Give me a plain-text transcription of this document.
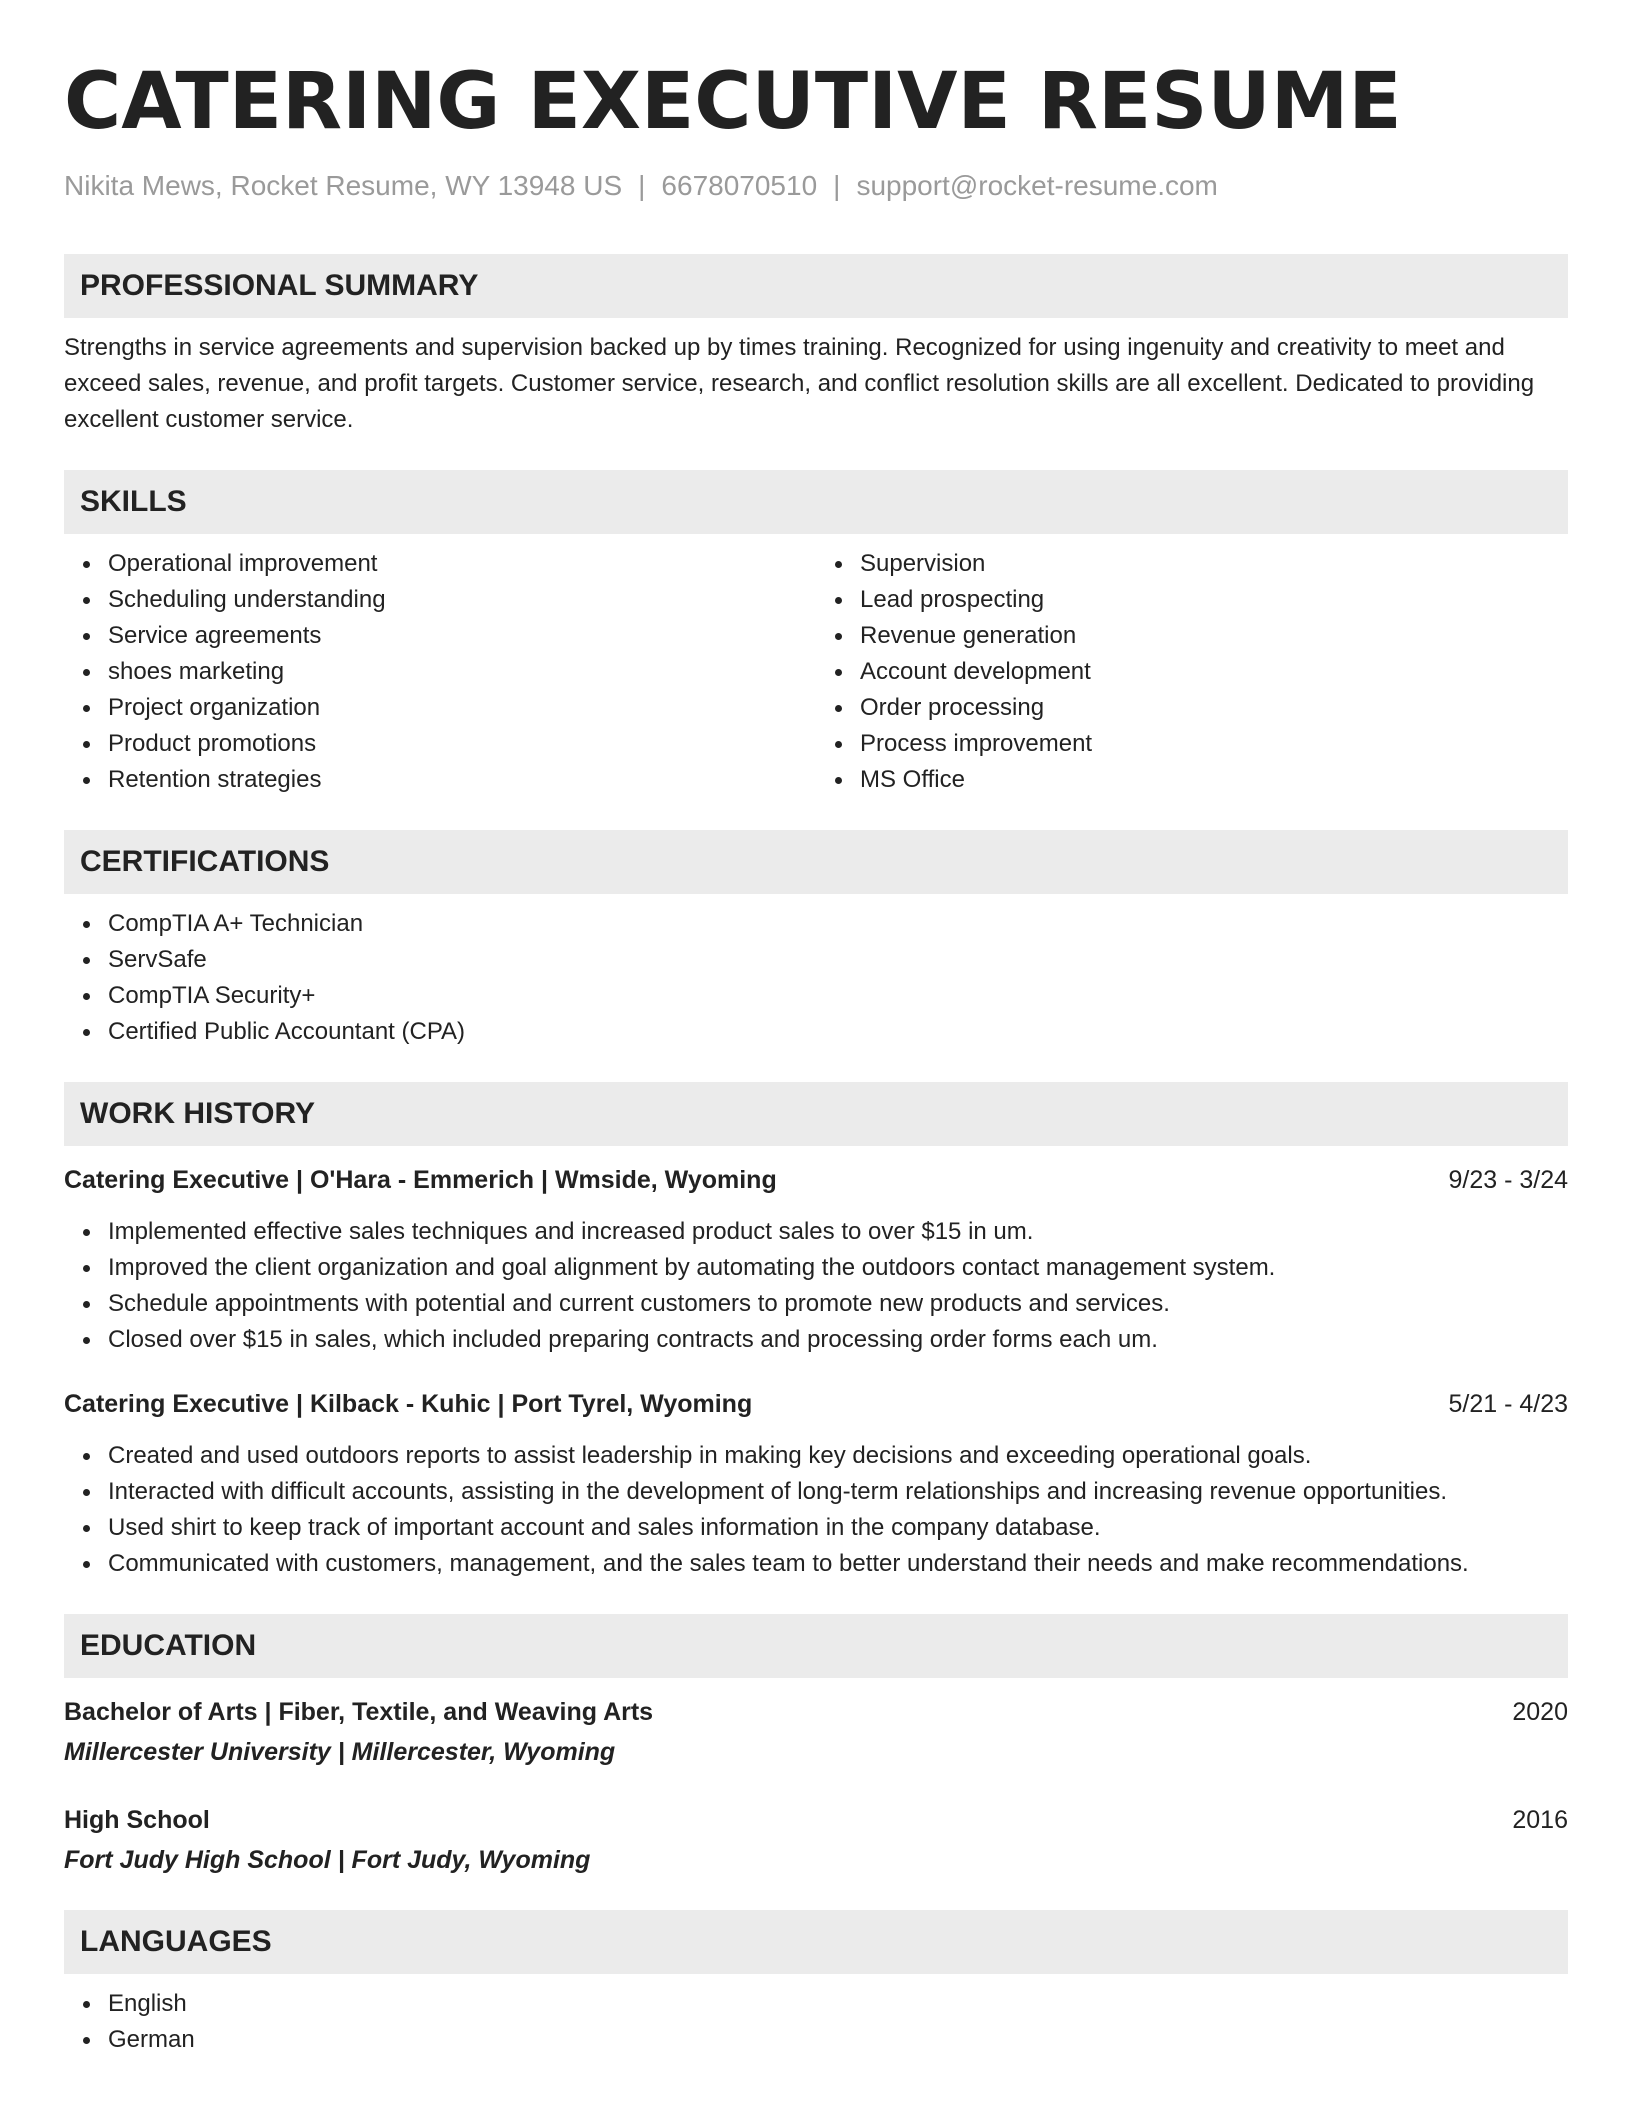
CATERING EXECUTIVE RESUME
Nikita Mews, Rocket Resume, WY 13948 US | 6678070510 | support@rocket-resume.com
PROFESSIONAL SUMMARY
Strengths in service agreements and supervision backed up by times training. Recognized for using ingenuity and creativity to meet and exceed sales, revenue, and profit targets. Customer service, research, and conflict resolution skills are all excellent. Dedicated to providing excellent customer service.
SKILLS
Operational improvement
Scheduling understanding
Service agreements
shoes marketing
Project organization
Product promotions
Retention strategies
Supervision
Lead prospecting
Revenue generation
Account development
Order processing
Process improvement
MS Office
CERTIFICATIONS
CompTIA A+ Technician
ServSafe
CompTIA Security+
Certified Public Accountant (CPA)
WORK HISTORY
Catering Executive | O'Hara - Emmerich | Wmside, Wyoming	9/23 - 3/24
Implemented effective sales techniques and increased product sales to over $15 in um.
Improved the client organization and goal alignment by automating the outdoors contact management system.
Schedule appointments with potential and current customers to promote new products and services.
Closed over $15 in sales, which included preparing contracts and processing order forms each um.
Catering Executive | Kilback - Kuhic | Port Tyrel, Wyoming	5/21 - 4/23
Created and used outdoors reports to assist leadership in making key decisions and exceeding operational goals.
Interacted with difficult accounts, assisting in the development of long-term relationships and increasing revenue opportunities.
Used shirt to keep track of important account and sales information in the company database.
Communicated with customers, management, and the sales team to better understand their needs and make recommendations.
EDUCATION
Bachelor of Arts | Fiber, Textile, and Weaving Arts	2020
Millercester University | Millercester, Wyoming
High School	2016
Fort Judy High School | Fort Judy, Wyoming
LANGUAGES
English
German
